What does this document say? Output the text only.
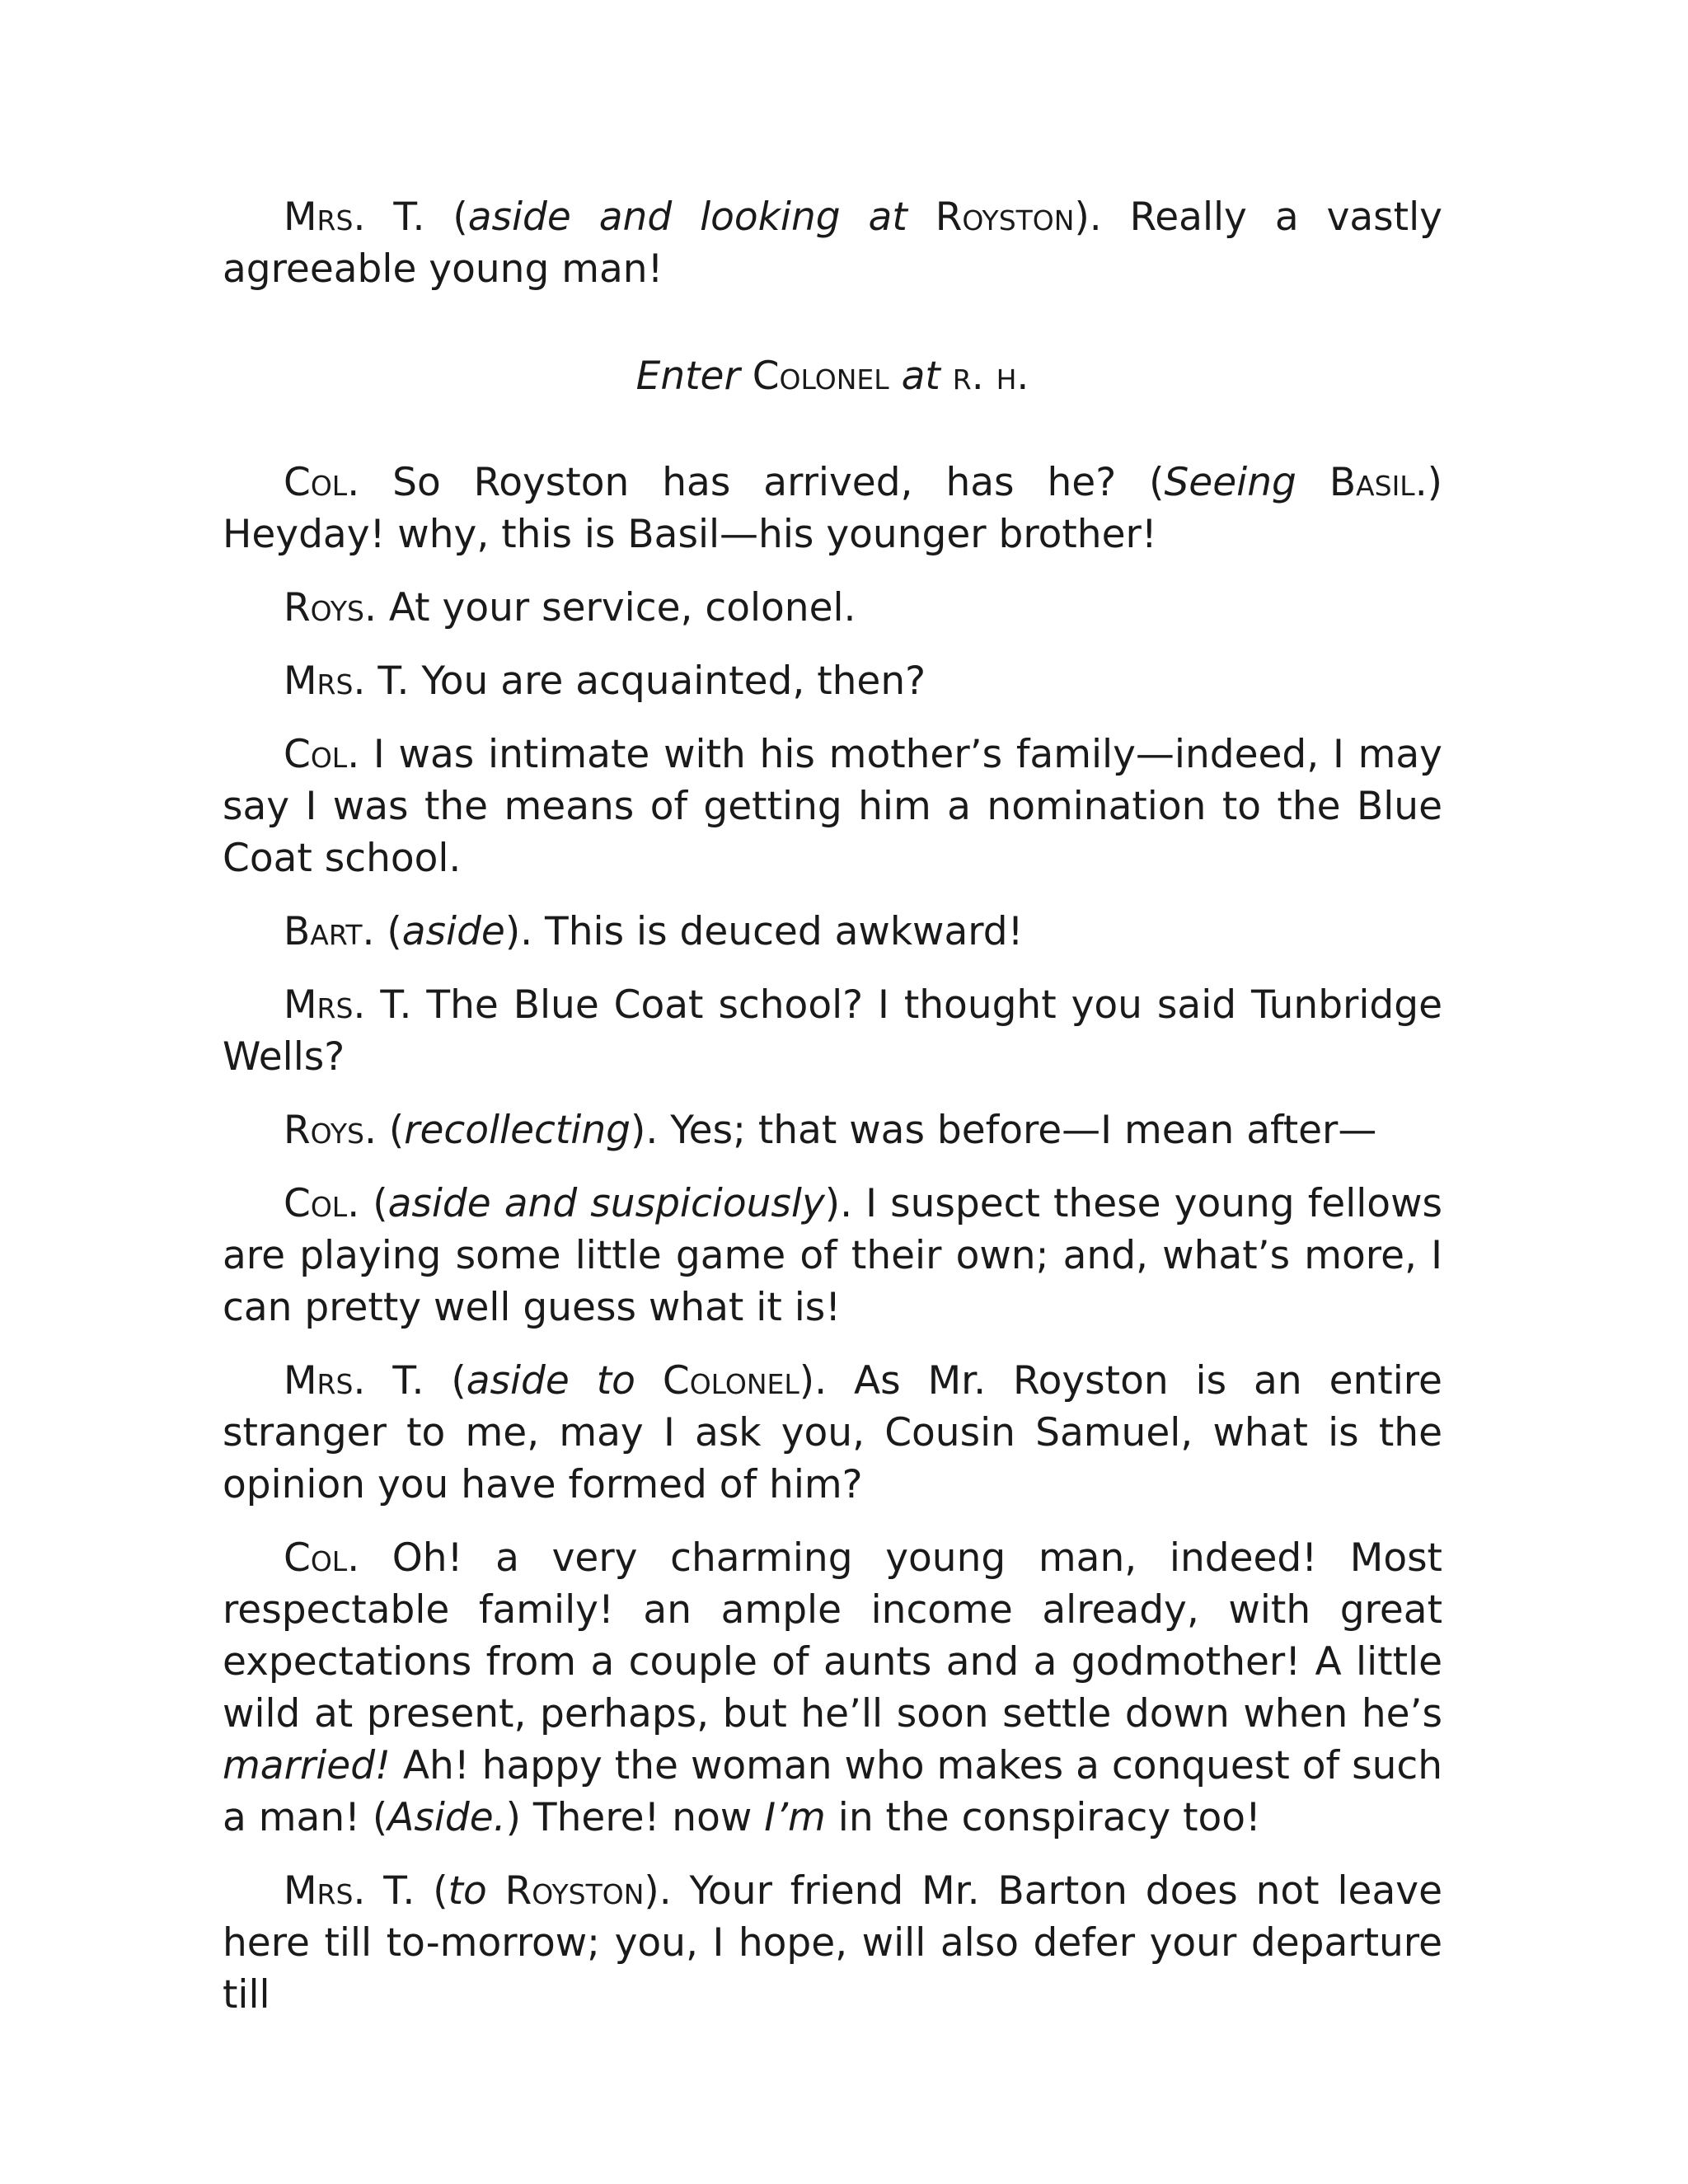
Mrs. T. (aside and looking at Royston). Really a vastly agreeable young man!

Enter Colonel at r. h.

Col. So Royston has arrived, has he? (Seeing Basil.) Heyday! why, this is Basil—his younger brother!

Roys. At your service, colonel.

Mrs. T. You are acquainted, then?

Col. I was intimate with his mother’s family—indeed, I may say I was the means of getting him a nomination to the Blue Coat school.

Bart. (aside). This is deuced awkward!

Mrs. T. The Blue Coat school? I thought you said Tunbridge Wells?

Roys. (recollecting). Yes; that was before—I mean after—

Col. (aside and suspiciously). I suspect these young fellows are playing some little game of their own; and, what’s more, I can pretty well guess what it is!

Mrs. T. (aside to Colonel). As Mr. Royston is an entire stranger to me, may I ask you, Cousin Samuel, what is the opinion you have formed of him?

Col. Oh! a very charming young man, indeed! Most respectable family! an ample income already, with great expectations from a couple of aunts and a godmother! A little wild at present, perhaps, but he’ll soon settle down when he’s married! Ah! happy the woman who makes a conquest of such a man! (Aside.) There! now I’m in the conspiracy too!

Mrs. T. (to Royston). Your friend Mr. Barton does not leave here till to-morrow; you, I hope, will also defer your departure till
